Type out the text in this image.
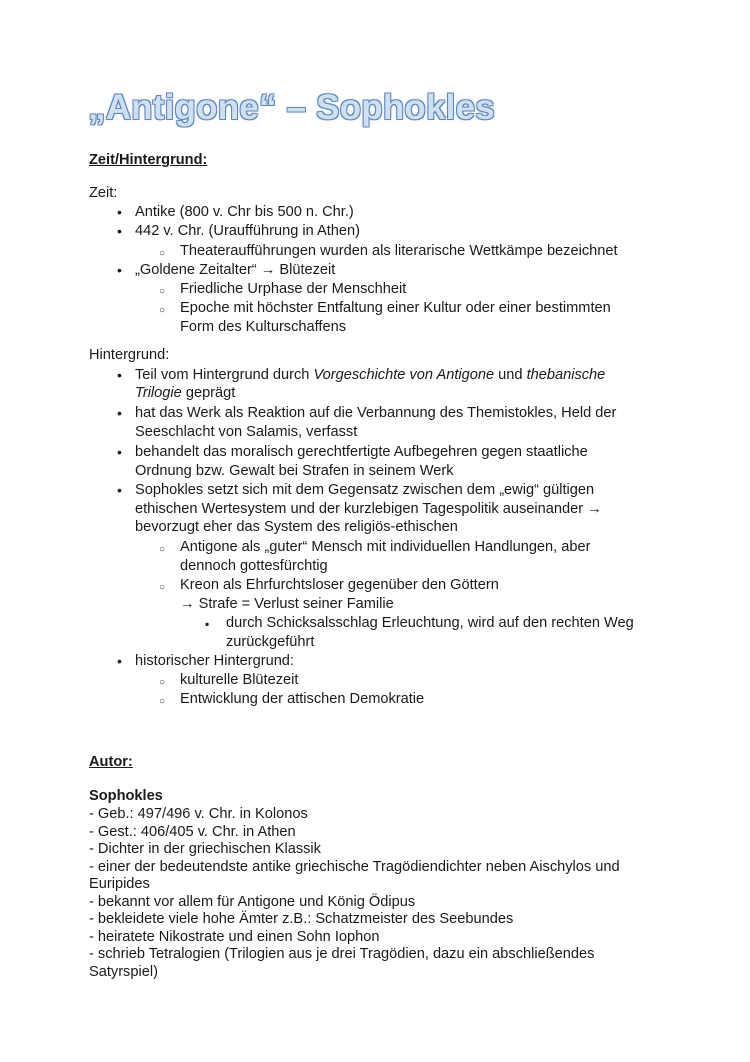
„Antigone“ – Sophokles
Zeit/Hintergrund:
Zeit:
•
Antike (800 v. Chr bis 500 n. Chr.)
•
442 v. Chr. (Uraufführung in Athen)
○
Theateraufführungen wurden als literarische Wettkämpe bezeichnet
•
„Goldene Zeitalter“ → Blütezeit
○
Friedliche Urphase der Menschheit
○
Epoche mit höchster Entfaltung einer Kultur oder einer bestimmten
Form des Kulturschaffens
Hintergrund:
•
Teil vom Hintergrund durch Vorgeschichte von Antigone und thebanische
Trilogie geprägt
•
hat das Werk als Reaktion auf die Verbannung des Themistokles, Held der
Seeschlacht von Salamis, verfasst
•
behandelt das moralisch gerechtfertigte Aufbegehren gegen staatliche
Ordnung bzw. Gewalt bei Strafen in seinem Werk
•
Sophokles setzt sich mit dem Gegensatz zwischen dem „ewig“ gültigen
ethischen Wertesystem und der kurzlebigen Tagespolitik auseinander →
bevorzugt eher das System des religiös-ethischen
○
Antigone als „guter“ Mensch mit individuellen Handlungen, aber
dennoch gottesfürchtig
○
Kreon als Ehrfurchtsloser gegenüber den Göttern
→ Strafe = Verlust seiner Familie
▪
durch Schicksalsschlag Erleuchtung, wird auf den rechten Weg
zurückgeführt
•
historischer Hintergrund:
○
kulturelle Blütezeit
○
Entwicklung der attischen Demokratie
Autor:
Sophokles
- Geb.: 497/496 v. Chr. in Kolonos
- Gest.: 406/405 v. Chr. in Athen
- Dichter in der griechischen Klassik
- einer der bedeutendste antike griechische Tragödiendichter neben Aischylos und
Euripides
- bekannt vor allem für Antigone und König Ödipus
- bekleidete viele hohe Ämter z.B.: Schatzmeister des Seebundes
- heiratete Nikostrate und einen Sohn Iophon
- schrieb Tetralogien (Trilogien aus je drei Tragödien, dazu ein abschließendes
Satyrspiel)
